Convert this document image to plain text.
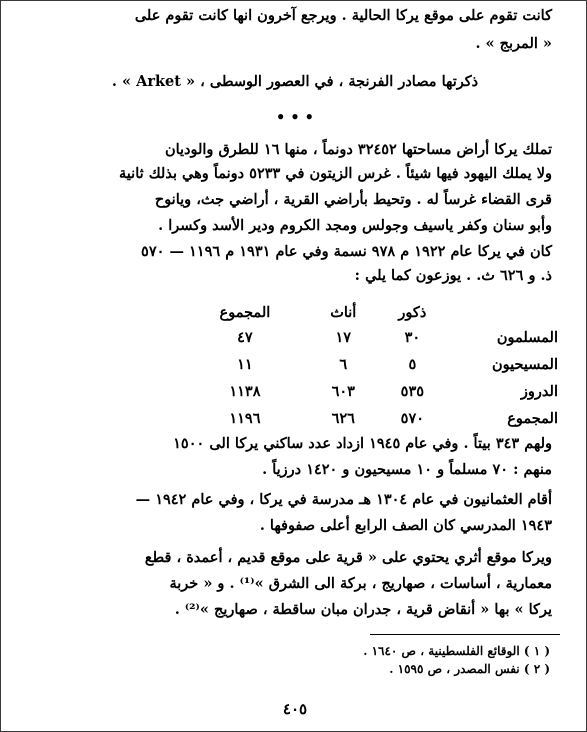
كانت تقوم على موقع يركا الحالية . ويرجع آخرون انها كانت تقوم على
« المربج » .
ذكرتها مصادر الفرنجة ، في العصور الوسطى ، « Arket » .
• • •
تملك يركا أراض مساحتها ٣٢٤٥٢ دونماً ، منها ١٦ للطرق والوديان
ولا يملك اليهود فيها شيئاً . غرس الزيتون في ٥٢٣٣ دونماً وهي بذلك ثانية
قرى القضاء غرساً له . وتحيط بأراضي القرية ، أراضي جث، ويانوح
وأبو سنان وكفر ياسيف وجولس ومجد الكروم ودير الأسد وكسرا .
كان في يركا عام ١٩٢٢ م ٩٧٨ نسمة وفي عام ١٩٣١ م ١١٩٦ — ٥٧٠
ذ. و ٦٢٦ ث. . يوزعون كما يلي :
	ذكور	أناث	المجموع
المسلمون	٣٠	١٧	٤٧
المسيحيون	٥	٦	١١
الدروز	٥٣٥	٦٠٣	١١٣٨
المجموع	٥٧٠	٦٢٦	١١٩٦
ولهم ٣٤٣ بيتاً . وفي عام ١٩٤٥ ازداد عدد ساكني يركا الى ١٥٠٠
منهم : ٧٠ مسلماً و ١٠ مسيحيون و ١٤٢٠ درزياً .
أقام العثمانيون في عام ١٣٠٤ هـ مدرسة في يركا ، وفي عام ١٩٤٢ —
١٩٤٣ المدرسي كان الصف الرابع أعلى صفوفها .
ويركا موقع أثري يحتوي على « قرية على موقع قديم ، أعمدة ، قطع
معمارية ، أساسات ، صهاريج ، بركة الى الشرق »⁽¹⁾ . و « خربة
يركا » بها « أنقاض قرية ، جدران مبان ساقطة ، صهاريج »⁽²⁾ .
( ١ ) الوقائع الفلسطينية ، ص ١٦٤٠ .
( ٢ ) نفس المصدر ، ص ١٥٩٥ .
٤٠٥
